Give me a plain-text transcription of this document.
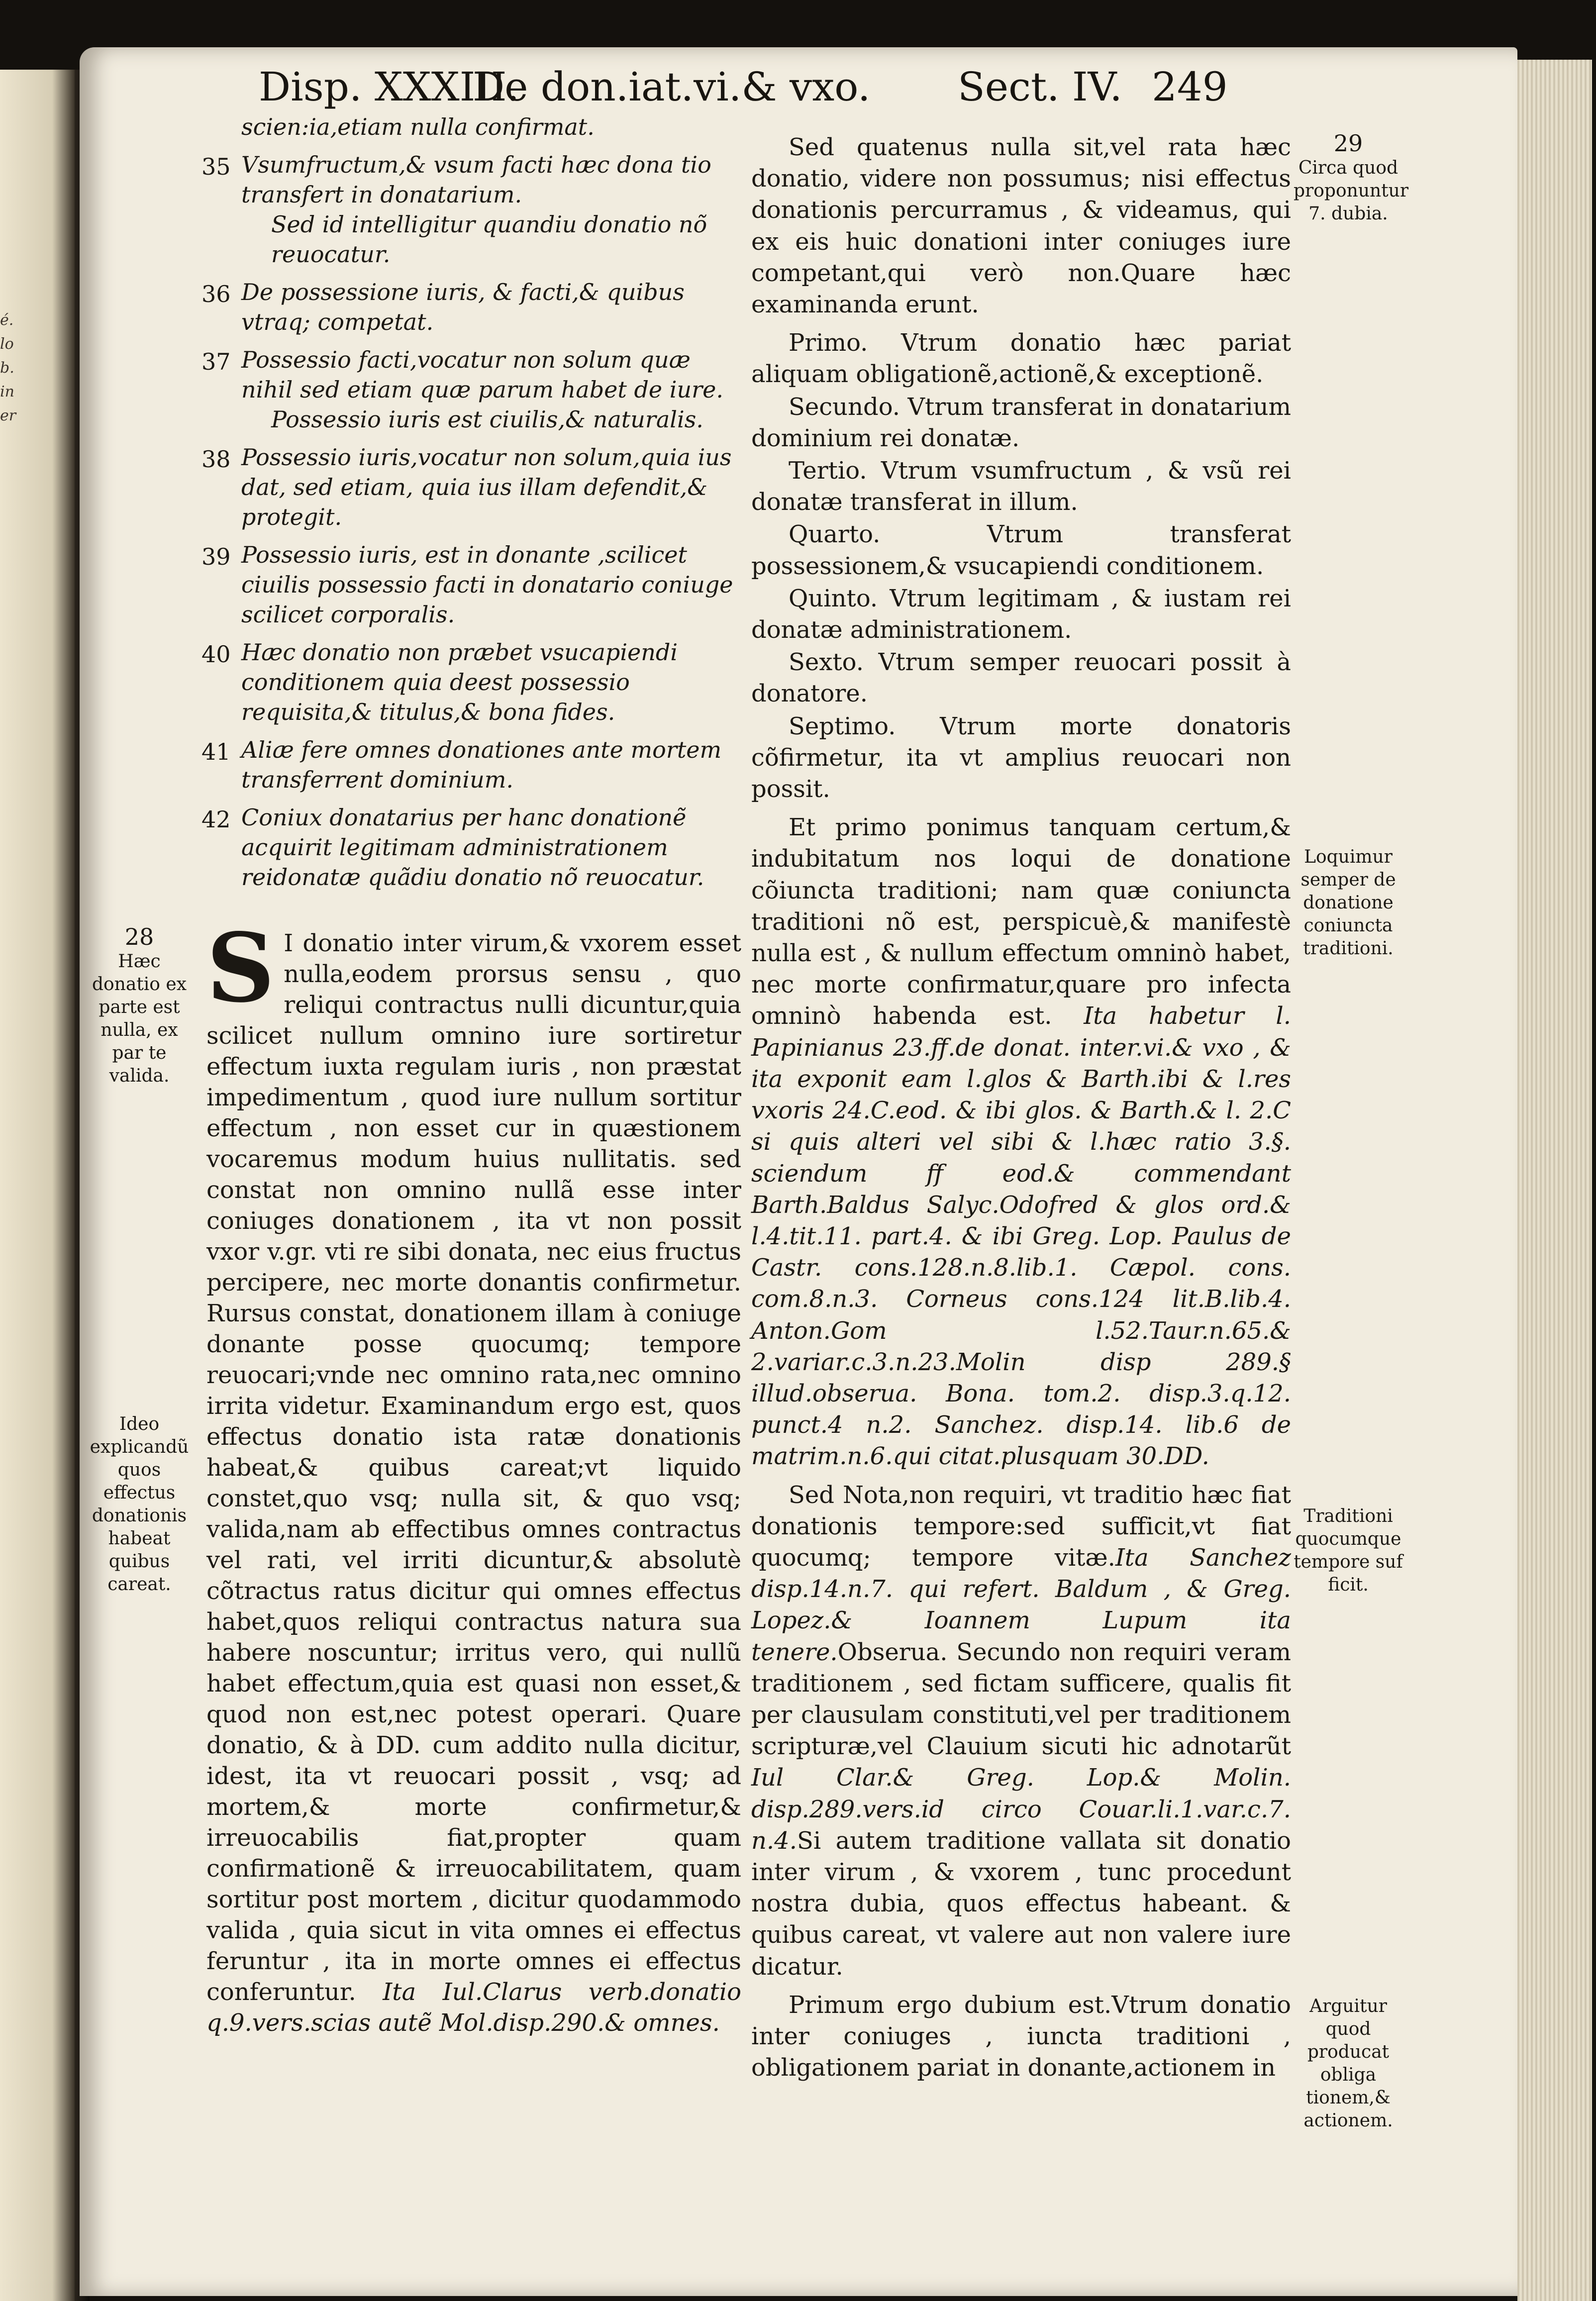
é.
lo
b.
in
er
Disp. XXXIII.
De don.iat.vi.& vxo. Sect. IV. 249
scien:ia,etiam nulla confirmat.
35 Vsumfructum,& vsum facti hæc dona tio transfert in donatarium.
Sed id intelligitur quandiu donatio nõ reuocatur.
36 De possessione iuris, & facti,& quibus vtraq; competat.
37 Possessio facti,vocatur non solum quæ nihil sed etiam quæ parum habet de iure.
Possessio iuris est ciuilis,& naturalis.
38 Possessio iuris,vocatur non solum,quia ius dat, sed etiam, quia ius illam defendit,& protegit.
39 Possessio iuris, est in donante ,scilicet ciuilis possessio facti in donatario coniuge scilicet corporalis.
40 Hæc donatio non præbet vsucapiendi conditionem quia deest possessio requisita,& titulus,& bona fides.
41 Aliæ fere omnes donationes ante mortem transferrent dominium.
42 Coniux donatarius per hanc donationẽ acquirit legitimam administrationem reidonatæ quãdiu donatio nõ reuocatur.
28
Hæc donatio ex parte est nulla, ex par te valida.
Ideo explicandũ quos effectus donationis habeat quibus careat.

S I donatio inter virum,& vxorem esset nulla,eodem prorsus sensu , quo reliqui contractus nulli dicuntur,quia scilicet nullum omnino iure sortiretur effectum iuxta regulam iuris , non præstat impedimentum , quod iure nullum sortitur effectum , non esset cur in quæstionem vocaremus modum huius nullitatis. sed constat non omnino nullã esse inter coniuges donationem , ita vt non possit vxor v.gr. vti re sibi donata, nec eius fructus percipere, nec morte donantis confirmetur. Rursus constat, donationem illam à coniuge donante posse quocumq; tempore reuocari;vnde nec omnino rata,nec omnino irrita videtur. Examinandum ergo est, quos effectus donatio ista ratæ donationis habeat,& quibus careat;vt liquido constet,quo vsq; nulla sit, & quo vsq; valida,nam ab effectibus omnes contractus vel rati, vel irriti dicuntur,& absolutè cõtractus ratus dicitur qui omnes effectus habet,quos reliqui contractus natura sua habere noscuntur; irritus vero, qui nullũ habet effectum,quia est quasi non esset,& quod non est,nec potest operari. Quare donatio, & à DD. cum addito nulla dicitur, idest, ita vt reuocari possit , vsq; ad mortem,& morte confirmetur,& irreuocabilis fiat,propter quam confirmationẽ & irreuocabilitatem, quam sortitur post mortem , dicitur quodammodo valida , quia sicut in vita omnes ei effectus feruntur , ita in morte omnes ei effectus conferuntur. Ita Iul.Clarus verb.donatio q.9.vers.scias autẽ Mol.disp.290.& omnes.

Sed quatenus nulla sit,vel rata hæc donatio, videre non possumus; nisi effectus donationis percurramus , & videamus, qui ex eis huic donationi inter coniuges iure competant,qui verò non.Quare hæc examinanda erunt.

Primo. Vtrum donatio hæc pariat aliquam obligationẽ,actionẽ,& exceptionẽ.

Secundo. Vtrum transferat in donatarium dominium rei donatæ.

Tertio. Vtrum vsumfructum , & vsũ rei donatæ transferat in illum.

Quarto. Vtrum transferat possessionem,& vsucapiendi conditionem.

Quinto. Vtrum legitimam , & iustam rei donatæ administrationem.

Sexto. Vtrum semper reuocari possit à donatore.

Septimo. Vtrum morte donatoris cõfirmetur, ita vt amplius reuocari non possit.

Et primo ponimus tanquam certum,& indubitatum nos loqui de donatione cõiuncta traditioni; nam quæ coniuncta traditioni nõ est, perspicuè,& manifestè nulla est , & nullum effectum omninò habet, nec morte confirmatur,quare pro infecta omninò habenda est. Ita habetur l. Papinianus 23.ff.de donat. inter.vi.& vxo , & ita exponit eam l.glos & Barth.ibi & l.res vxoris 24.C.eod. & ibi glos. & Barth.& l. 2.C si quis alteri vel sibi & l.hæc ratio 3.§. sciendum ff eod.& commendant Barth.Baldus Salyc.Odofred & glos ord.& l.4.tit.11. part.4. & ibi Greg. Lop. Paulus de Castr. cons.128.n.8.lib.1. Cæpol. cons. com.8.n.3. Corneus cons.124 lit.B.lib.4. Anton.Gom l.52.Taur.n.65.& 2.variar.c.3.n.23.Molin disp 289.§ illud.obserua. Bona. tom.2. disp.3.q.12. punct.4 n.2. Sanchez. disp.14. lib.6 de matrim.n.6.qui citat.plusquam 30.DD.

Sed Nota,non requiri, vt traditio hæc fiat donationis tempore:sed sufficit,vt fiat quocumq; tempore vitæ.Ita Sanchez disp.14.n.7. qui refert. Baldum , & Greg. Lopez.& Ioannem Lupum ita tenere.Obserua. Secundo non requiri veram traditionem , sed fictam sufficere, qualis fit per clausulam constituti,vel per traditionem scripturæ,vel Clauium sicuti hic adnotarũt Iul Clar.& Greg. Lop.& Molin. disp.289.vers.id circo Couar.li.1.var.c.7. n.4.Si autem traditione vallata sit donatio inter virum , & vxorem , tunc procedunt nostra dubia, quos effectus habeant. & quibus careat, vt valere aut non valere iure dicatur.

Primum ergo dubium est.Vtrum donatio inter coniuges , iuncta traditioni , obligationem pariat in donante,actionem in

29
Circa quod proponuntur 7. dubia.
Loquimur semper de donatione coniuncta traditioni.
Traditioni quocumque tempore suf ficit.
Arguitur quod producat obliga tionem,& actionem.
